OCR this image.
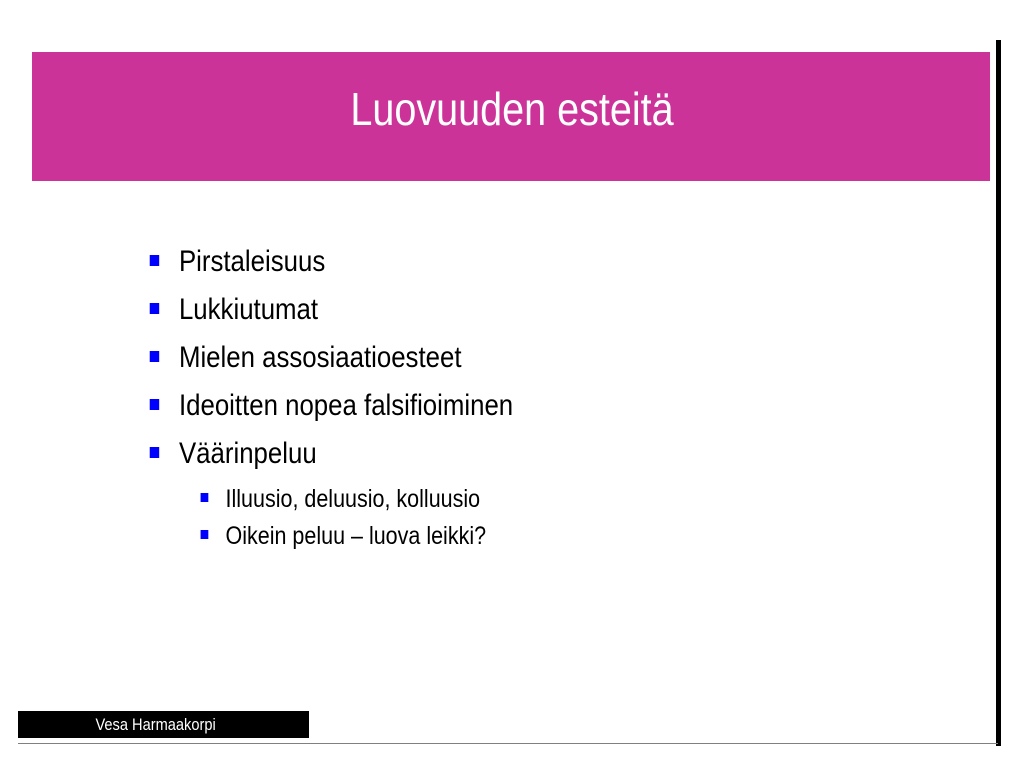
Luovuuden esteitä
Pirstaleisuus
Lukkiutumat
Mielen assosiaatioesteet
Ideoitten nopea falsifioiminen
Väärinpeluu
Illuusio, deluusio, kolluusio
Oikein peluu – luova leikki?
Vesa Harmaakorpi
